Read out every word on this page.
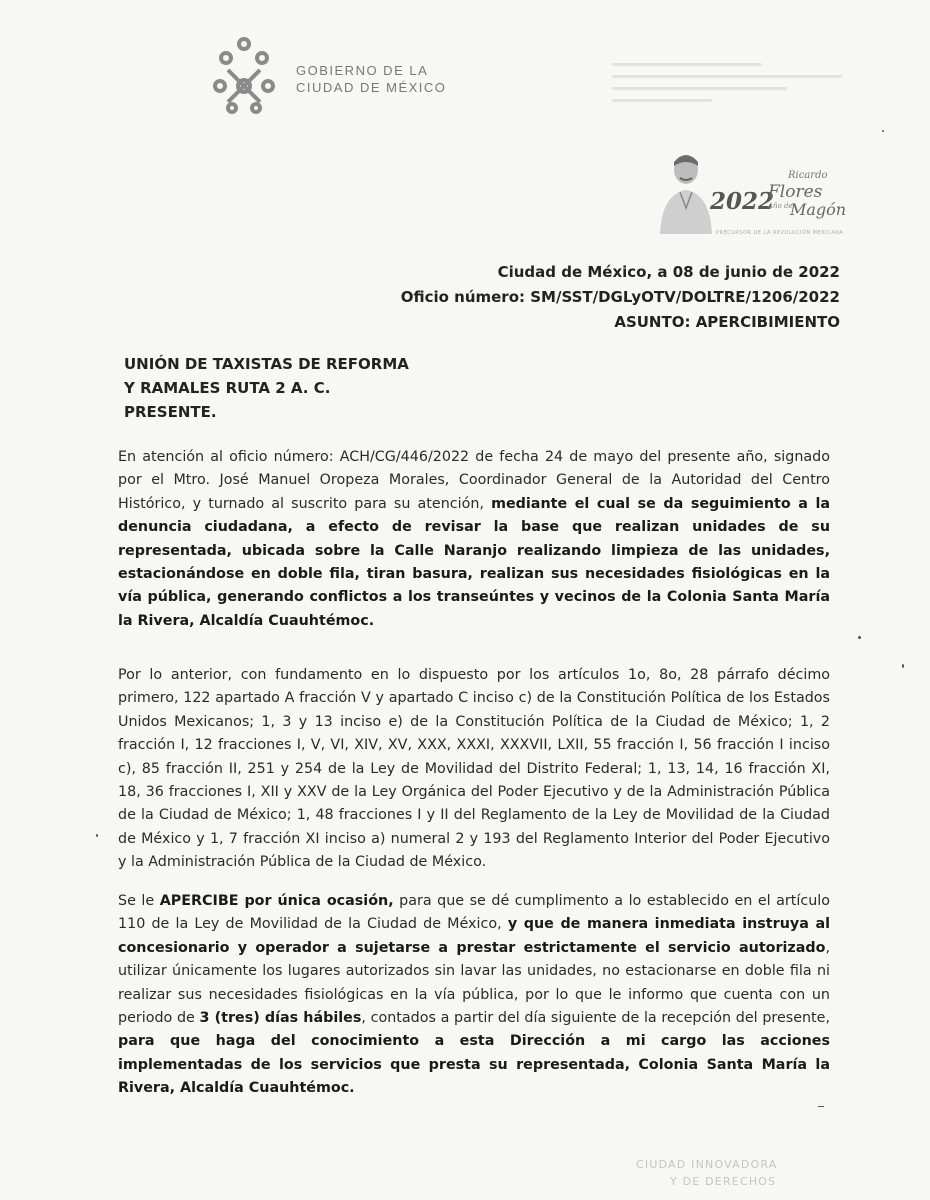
GOBIERNO DE LA
CIUDAD DE MÉXICO
Ricardo
2022
Flores
Año de
Magón
PRECURSOR DE LA REVOLUCIÓN MEXICANA
Ciudad de México, a 08 de junio de 2022
Oficio número: SM/SST/DGLyOTV/DOLTRE/1206/2022
ASUNTO: APERCIBIMIENTO
UNIÓN DE TAXISTAS DE REFORMA
Y RAMALES RUTA 2 A. C.
PRESENTE.
En atención al oficio número: ACH/CG/446/2022 de fecha 24 de mayo del presente año, signado por el Mtro. José Manuel Oropeza Morales, Coordinador General de la Autoridad del Centro Histórico, y turnado al suscrito para su atención, mediante el cual se da seguimiento a la denuncia ciudadana, a efecto de revisar la base que realizan unidades de su representada, ubicada sobre la Calle Naranjo realizando limpieza de las unidades, estacionándose en doble fila, tiran basura, realizan sus necesidades fisiológicas en la vía pública, generando conflictos a los transeúntes y vecinos de la Colonia Santa María la Rivera, Alcaldía Cuauhtémoc.
Por lo anterior, con fundamento en lo dispuesto por los artículos 1o, 8o, 28 párrafo décimo primero, 122 apartado A fracción V y apartado C inciso c) de la Constitución Política de los Estados Unidos Mexicanos; 1, 3 y 13 inciso e) de la Constitución Política de la Ciudad de México; 1, 2 fracción I, 12 fracciones I, V, VI, XIV, XV, XXX, XXXI, XXXVII, LXII, 55 fracción I, 56 fracción I inciso c), 85 fracción II, 251 y 254 de la Ley de Movilidad del Distrito Federal; 1, 13, 14, 16 fracción XI, 18, 36 fracciones I, XII y XXV de la Ley Orgánica del Poder Ejecutivo y de la Administración Pública de la Ciudad de México; 1, 48 fracciones I y II del Reglamento de la Ley de Movilidad de la Ciudad de México y 1, 7 fracción XI inciso a) numeral 2 y 193 del Reglamento Interior del Poder Ejecutivo y la Administración Pública de la Ciudad de México.
Se le APERCIBE por única ocasión, para que se dé cumplimento a lo establecido en el artículo 110 de la Ley de Movilidad de la Ciudad de México, y que de manera inmediata instruya al concesionario y operador a sujetarse a prestar estrictamente el servicio autorizado, utilizar únicamente los lugares autorizados sin lavar las unidades, no estacionarse en doble fila ni realizar sus necesidades fisiológicas en la vía pública, por lo que le informo que cuenta con un periodo de 3 (tres) días hábiles, contados a partir del día siguiente de la recepción del presente, para que haga del conocimiento a esta Dirección a mi cargo las acciones implementadas de los servicios que presta su representada, Colonia Santa María la Rivera, Alcaldía Cuauhtémoc.
CIUDAD INNOVADORA
Y DE DERECHOS
